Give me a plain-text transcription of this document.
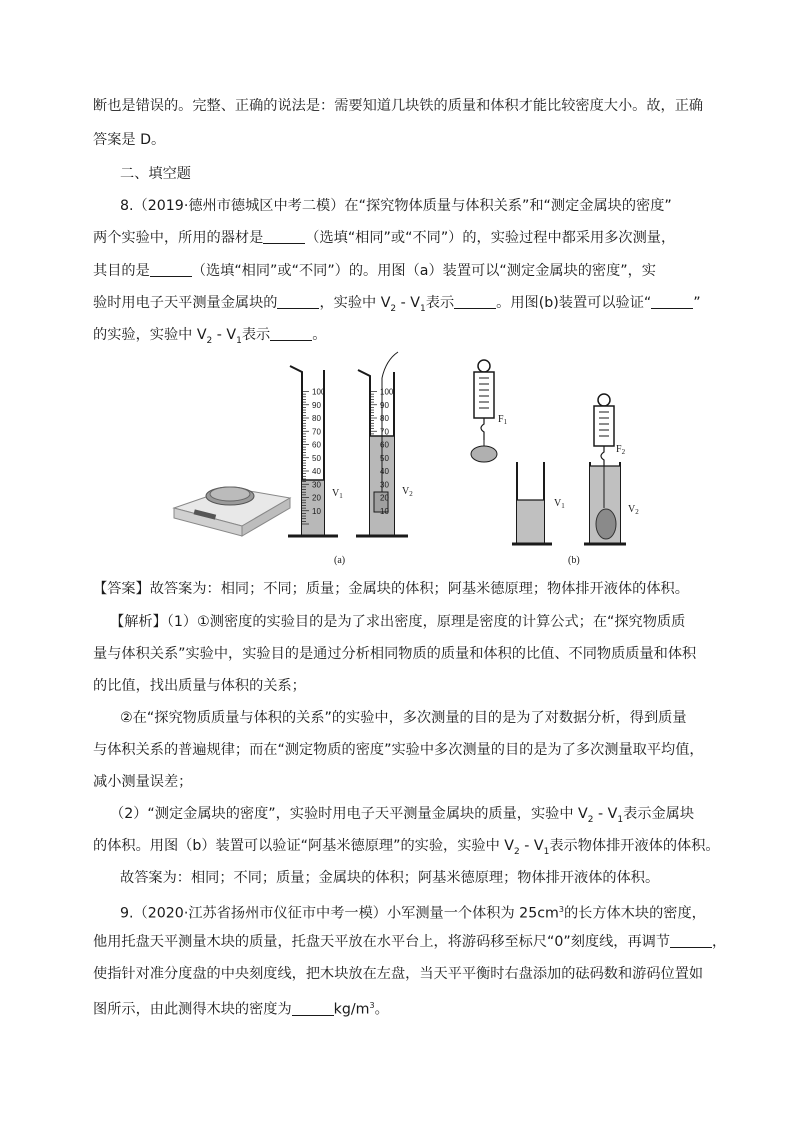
断也是错误的。完整、正确的说法是：需要知道几块铁的质量和体积才能比较密度大小。故，正确
答案是 D。
二、填空题
8.（2019·德州市德城区中考二模）在“探究物体质量与体积关系”和“测定金属块的密度”
两个实验中，所用的器材是	（选填“相同”或“不同”）的，实验过程中都采用多次测量，
其目的是	（选填“相同”或“不同”）的。用图（a）装置可以“测定金属块的密度”，实
验时用电子天平测量金属块的	，实验中 $V_2 - V_1$表示	。用图(b)装置可以验证“	”
的实验，实验中 $V_2 - V_1$表示	。
$V_1$	$V_2$
$F_1$
$F_2$
$V_1$	$V_2$
(a)	(b)
100
90
80
70
60
50
40
30
20
10
100
90
80
70
60
50
40
30
20
10
【答案】故答案为：相同；不同；质量；金属块的体积；阿基米德原理；物体排开液体的体积。
【解析】（1）①测密度的实验目的是为了求出密度，原理是密度的计算公式；在“探究物质质
量与体积关系”实验中，实验目的是通过分析相同物质的质量和体积的比值、不同物质质量和体积
的比值，找出质量与体积的关系；
②在“探究物质质量与体积的关系”的实验中，多次测量的目的是为了对数据分析，得到质量
与体积关系的普遍规律；而在“测定物质的密度”实验中多次测量的目的是为了多次测量取平均值，
减小测量误差；
（2）“测定金属块的密度”，实验时用电子天平测量金属块的质量，实验中 $V_2 - V_1$表示金属块
的体积。用图（b）装置可以验证“阿基米德原理”的实验，实验中 $V_2 - V_1$表示物体排开液体的体积。
故答案为：相同；不同；质量；金属块的体积；阿基米德原理；物体排开液体的体积。
9.（2020·江苏省扬州市仪征市中考一模）小军测量一个体积为 $25cm^3$的长方体木块的密度，
他用托盘天平测量木块的质量，托盘天平放在水平台上，将游码移至标尺“0”刻度线，再调节	，
使指针对准分度盘的中央刻度线，把木块放在左盘，当天平平衡时右盘添加的砝码数和游码位置如
图所示，由此测得木块的密度为	$kg/m^3$。
